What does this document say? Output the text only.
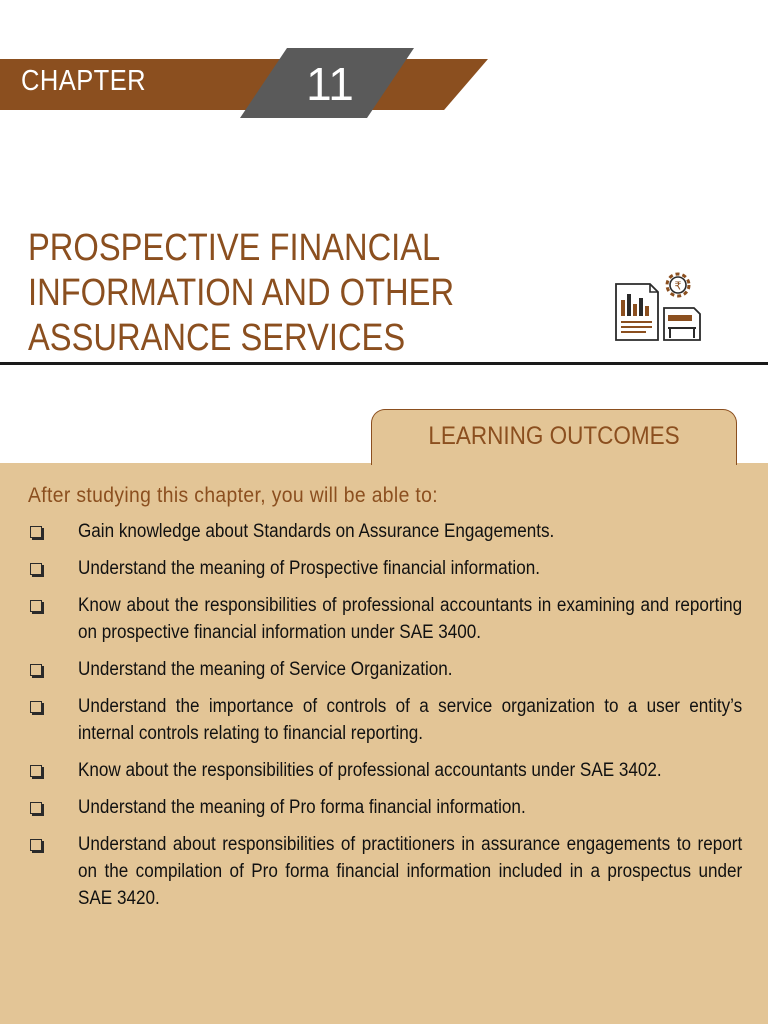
CHAPTER	11
PROSPECTIVE FINANCIAL
INFORMATION AND OTHER
ASSURANCE SERVICES
₹
LEARNING OUTCOMES
After studying this chapter, you will be able to:
Gain knowledge about Standards on Assurance Engagements.
Understand the meaning of Prospective financial information.
Know about the responsibilities of professional accountants in examining and reporting on prospective financial information under SAE 3400.
Understand the meaning of Service Organization.
Understand the importance of controls of a service organization to a user entity’s internal controls relating to financial reporting.
Know about the responsibilities of professional accountants under SAE 3402.
Understand the meaning of Pro forma financial information.
Understand about responsibilities of practitioners in assurance engagements to report on the compilation of Pro forma financial information included in a prospectus under SAE 3420.
